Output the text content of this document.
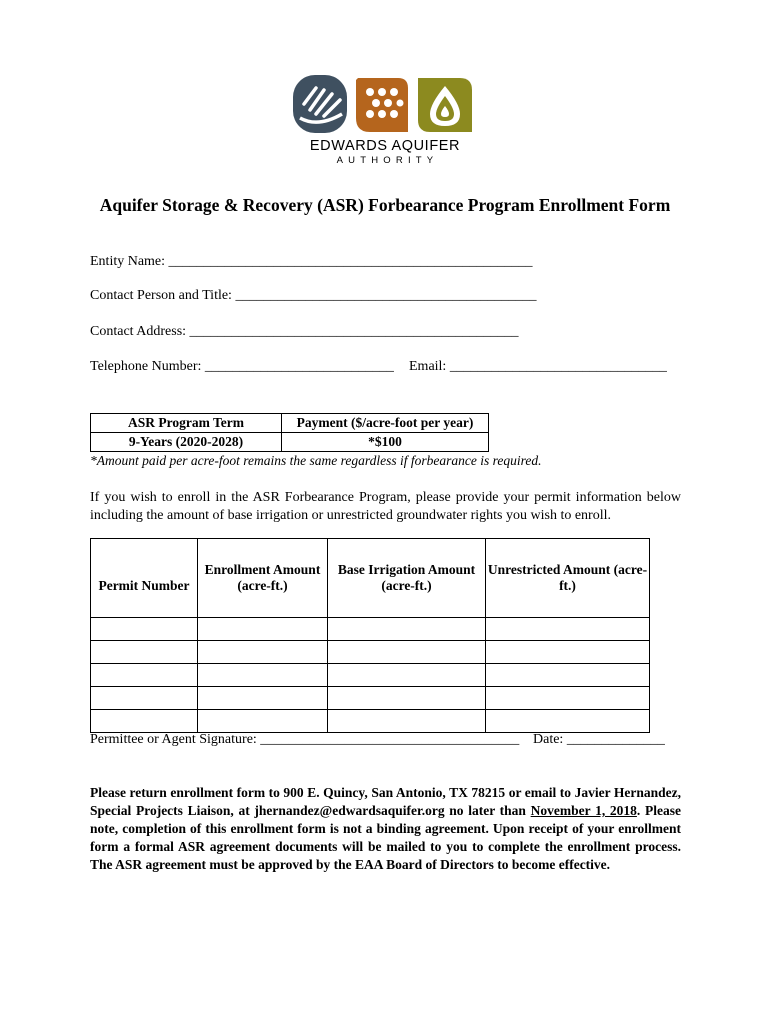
EDWARDS AQUIFER
AUTHORITY
Aquifer Storage & Recovery (ASR) Forbearance Program Enrollment Form
Entity Name: ____________________________________________________
Contact Person and Title: ___________________________________________
Contact Address: _______________________________________________
Telephone Number: ___________________________ Email: _______________________________
ASR Program Term	Payment ($/acre-foot per year)
9-Years (2020-2028)	*$100
*Amount paid per acre-foot remains the same regardless if forbearance is required.
If you wish to enroll in the ASR Forbearance Program, please provide your permit information below including the amount of base irrigation or unrestricted groundwater rights you wish to enroll.
Permit Number	Enrollment Amount (acre-ft.)	Base Irrigation Amount (acre-ft.)	Unrestricted Amount (acre-ft.)

Permittee or Agent Signature: _____________________________________ Date: ______________
Please return enrollment form to 900 E. Quincy, San Antonio, TX 78215 or email to Javier Hernandez, Special Projects Liaison, at jhernandez@edwardsaquifer.org no later than November 1, 2018. Please note, completion of this enrollment form is not a binding agreement. Upon receipt of your enrollment form a formal ASR agreement documents will be mailed to you to complete the enrollment process. The ASR agreement must be approved by the EAA Board of Directors to become effective.
